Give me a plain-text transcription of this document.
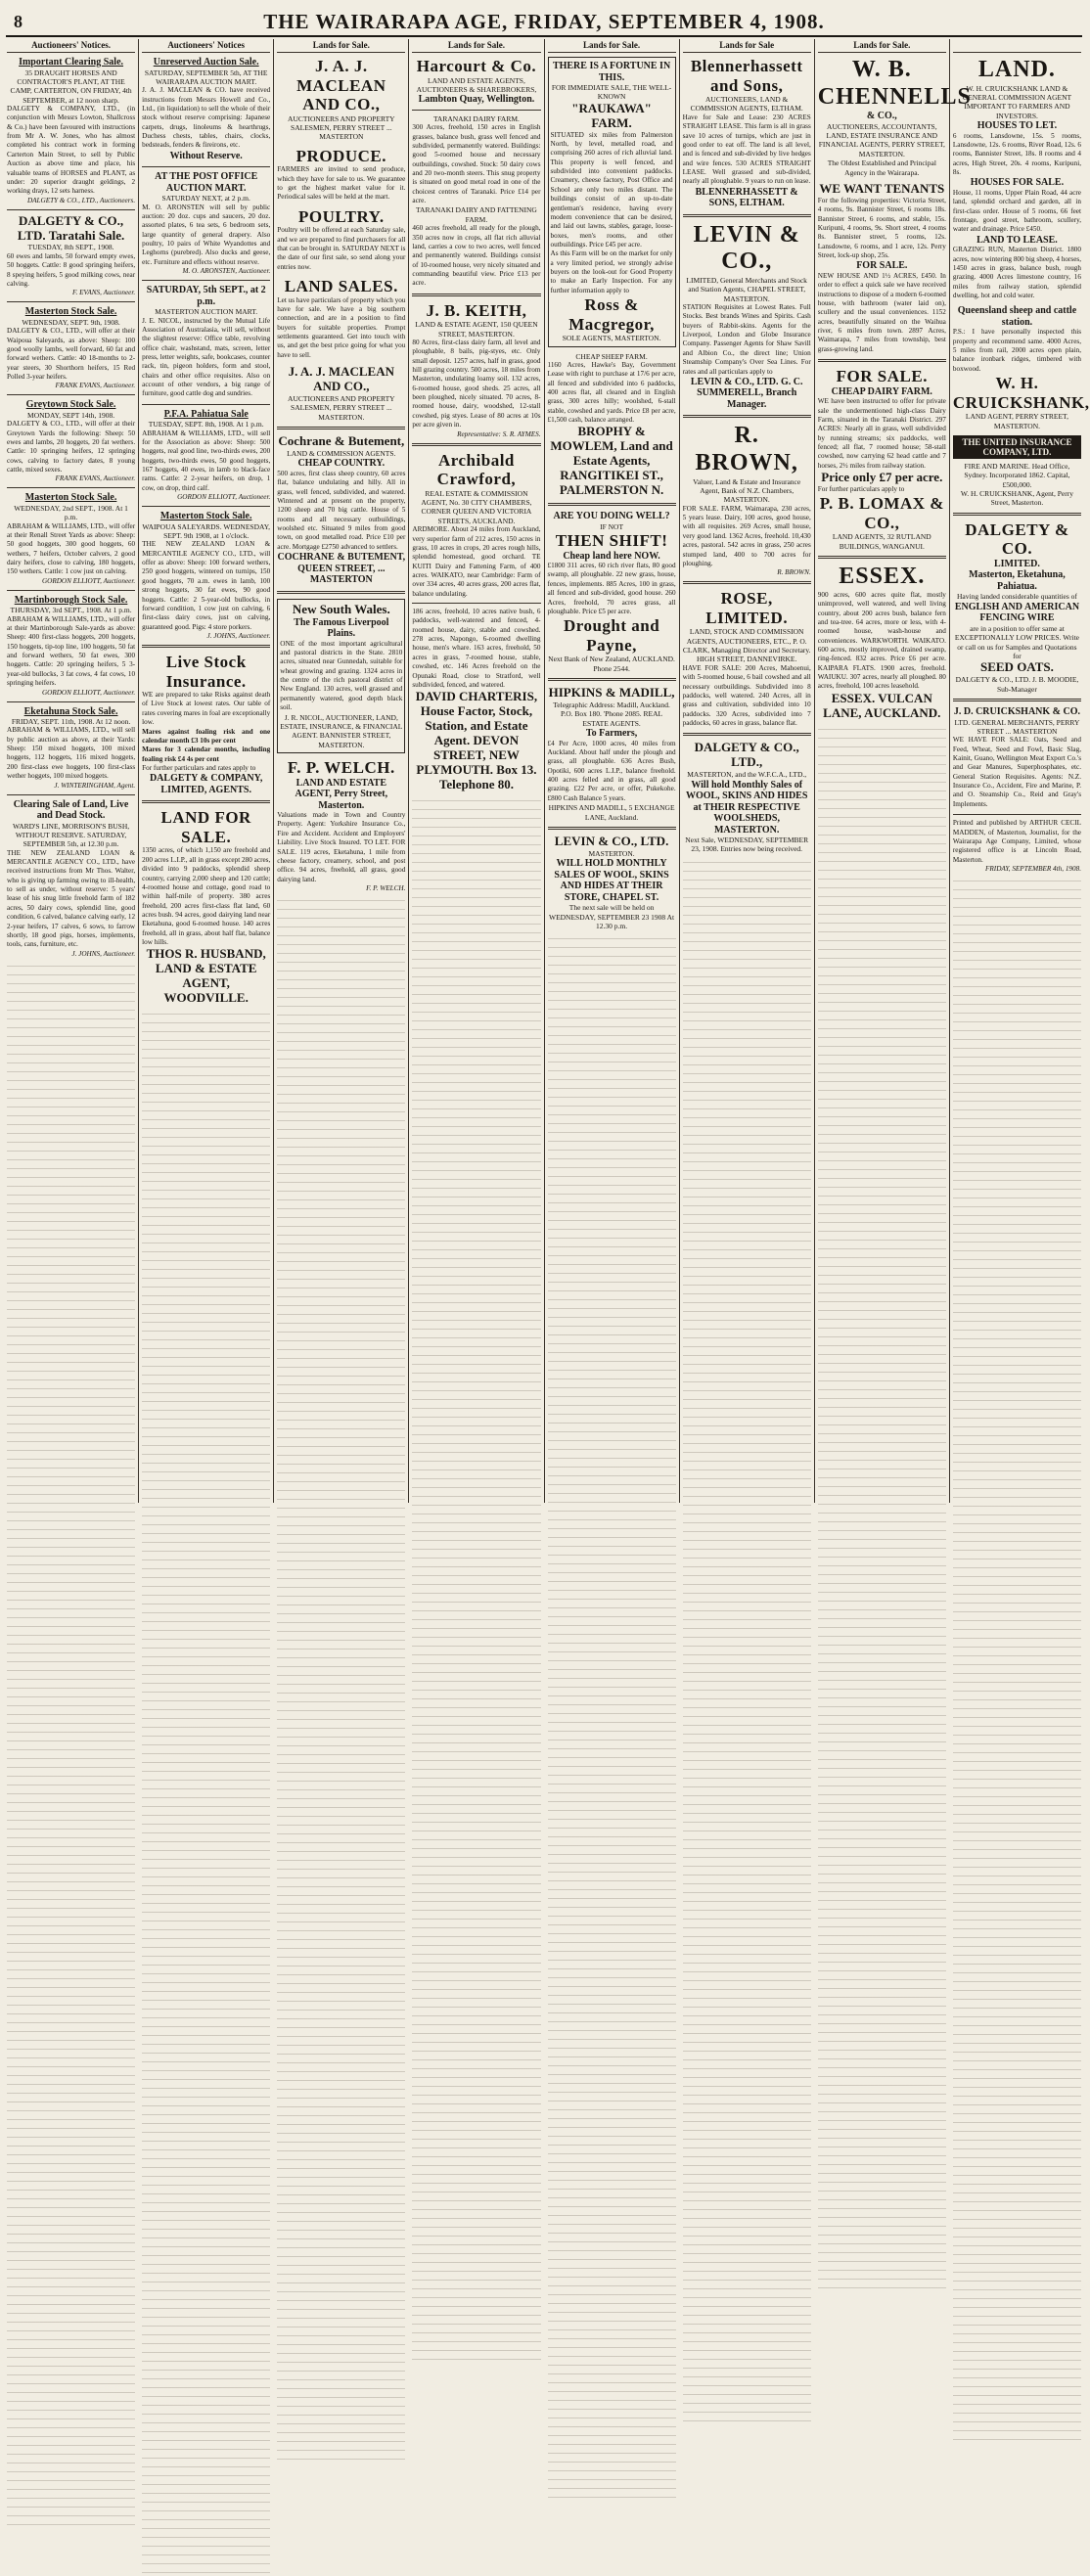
8	THE WAIRARAPA AGE, FRIDAY, SEPTEMBER 4, 1908.
Auctioneers' Notices.
Important Clearing Sale.
35 DRAUGHT HORSES AND CONTRACTOR'S PLANT, AT THE CAMP, CARTERTON, ON FRIDAY, 4th SEPTEMBER, at 12 noon sharp.
DALGETY & COMPANY, LTD., (in conjunction with Messrs Lowton, Shallcross & Co.) have been favoured with instructions from Mr A. W. Jones, who has almost completed his contract work in forming Carterton Main Street, to sell by Public Auction as above time and place, his valuable teams of HORSES and PLANT, as under: 20 superior draught geldings, 2 working drays, 12 sets harness.
DALGETY & CO., LTD., Auctioneers.
DALGETY & CO., LTD. Taratahi Sale.
TUESDAY, 8th SEPT., 1908.
60 ewes and lambs, 50 forward empty ewes, 50 hoggets. Cattle: 8 good springing heifers, 8 speying heifers, 5 good milking cows, near calving.
F. EVANS, Auctioneer.
Masterton Stock Sale.
WEDNESDAY, SEPT. 9th, 1908.
DALGETY & CO., LTD., will offer at their Waipoua Saleyards, as above: Sheep: 100 good woolly lambs, well forward, 60 fat and forward wethers. Cattle: 40 18-months to 2-year steers, 30 Shorthorn heifers, 15 Red Polled 3-year heifers.
FRANK EVANS, Auctioneer.
Greytown Stock Sale.
MONDAY, SEPT 14th, 1908.
DALGETY & CO., LTD., will offer at their Greytown Yards the following: Sheep: 50 ewes and lambs, 20 hoggets, 20 fat wethers. Cattle: 10 springing heifers, 12 springing cows, calving to factory dates, 8 young cattle, mixed sexes.
FRANK EVANS, Auctioneer.
Masterton Stock Sale.
WEDNESDAY, 2nd SEPT., 1908. At 1 p.m.
ABRAHAM & WILLIAMS, LTD., will offer at their Renall Street Yards as above: Sheep: 50 good hoggets, 300 good hoggets, 60 wethers, 7 heifers, October calvers, 2 good dairy heifers, close to calving, 180 hoggets, 150 wethers. Cattle: 1 cow just on calving.
GORDON ELLIOTT, Auctioneer.
Martinborough Stock Sale.
THURSDAY, 3rd SEPT., 1908. At 1 p.m.
ABRAHAM & WILLIAMS, LTD., will offer at their Martinborough Sale-yards as above: Sheep: 400 first-class hoggets, 200 hoggets, 150 hoggets, tip-top line, 100 hoggets, 50 fat and forward wethers, 50 fat ewes, 300 hoggets. Cattle: 20 springing heifers, 5 3-year-old bullocks, 3 fat cows, 4 fat cows, 10 springing heifers.
GORDON ELLIOTT, Auctioneer.
Eketahuna Stock Sale.
FRIDAY, SEPT. 11th, 1908. At 12 noon.
ABRAHAM & WILLIAMS, LTD., will sell by public auction as above, at their Yards: Sheep: 150 mixed hoggets, 100 mixed hoggets, 112 hoggets, 116 mixed hoggets, 200 first-class ewe hoggets, 100 first-class wether hoggets, 100 mixed hoggets.
J. WINTERINGHAM, Agent.
Clearing Sale of Land, Live and Dead Stock.
WARD'S LINE, MORRISON'S BUSH, WITHOUT RESERVE. SATURDAY, SEPTEMBER 5th, at 12.30 p.m.
THE NEW ZEALAND LOAN & MERCANTILE AGENCY CO., LTD., have received instructions from Mr Thos. Walter, who is giving up farming owing to ill-health, to sell as under, without reserve: 5 years' lease of his snug little freehold farm of 182 acres, 50 dairy cows, splendid line, good condition, 6 calved, balance calving early, 12 2-year heifers, 17 calves, 6 sows, to farrow shortly, 18 good pigs, horses, implements, tools, cans, furniture, etc.
J. JOHNS, Auctioneer.
Auctioneers' Notices
Unreserved Auction Sale.
SATURDAY, SEPTEMBER 5th, AT THE WAIRARAPA AUCTION MART.
J. A. J. MACLEAN & CO. have received instructions from Messrs Howell and Co., Ltd., (in liquidation) to sell the whole of their stock without reserve comprising: Japanese carpets, drugs, linoleums & hearthrugs, Duchess chests, tables, chairs, clocks, bedsteads, fenders & fireirons, etc.
Without Reserve.
AT THE POST OFFICE AUCTION MART.
SATURDAY NEXT, at 2 p.m.
M. O. ARONSTEN will sell by public auction: 20 doz. cups and saucers, 20 doz. assorted plates, 6 tea sets, 6 bedroom sets, large quantity of general drapery. Also poultry, 10 pairs of White Wyandottes and Leghorns (purebred). Also ducks and geese, etc. Furniture and effects without reserve.
M. O. ARONSTEN, Auctioneer.
SATURDAY, 5th SEPT., at 2 p.m.
MASTERTON AUCTION MART.
J. E. NICOL, instructed by the Mutual Life Association of Australasia, will sell, without the slightest reserve: Office table, revolving office chair, washstand, mats, screen, letter press, letter weights, safe, bookcases, counter rack, tin, pigeon holders, form and stool, chairs and other office requisites. Also on account of other vendors, a big range of furniture, good cattle dog and sundries.
P.F.A. Pahiatua Sale
TUESDAY, SEPT. 8th, 1908. At 1 p.m.
ABRAHAM & WILLIAMS, LTD., will sell for the Association as above: Sheep: 500 hoggets, real good line, two-thirds ewes, 200 hoggets, two-thirds ewes, 50 good hoggets, 167 hoggets, 40 ewes, in lamb to black-face rams. Cattle: 2 2-year heifers, on drop, 1 cow, on drop, third calf.
GORDON ELLIOTT, Auctioneer.
Masterton Stock Sale.
WAIPOUA SALEYARDS. WEDNESDAY, SEPT. 9th 1908, at 1 o'clock.
THE NEW ZEALAND LOAN & MERCANTILE AGENCY CO., LTD., will offer as above: Sheep: 100 forward wethers, 250 good hoggets, wintered on turnips, 150 good hoggets, 70 a.m. ewes in lamb, 100 strong hoggets, 30 fat ewes, 90 good hoggets. Cattle: 2 5-year-old bullocks, in forward condition, 1 cow just on calving, 6 first-class dairy cows, just on calving, guaranteed good. Pigs: 4 store porkers.
J. JOHNS, Auctioneer.
Live Stock Insurance.
WE are prepared to take Risks against death of Live Stock at lowest rates. Our table of rates covering mares in foal are exceptionally low.
Mares against foaling risk and one calendar month £3 10s per cent
Mares for 3 calendar months, including foaling risk £4 4s per cent
For further particulars and rates apply to
DALGETY & COMPANY, LIMITED, AGENTS.
LAND FOR SALE.
1350 acres, of which 1,150 are freehold and 200 acres L.I.P., all in grass except 280 acres, divided into 9 paddocks, splendid sheep country, carrying 2,000 sheep and 120 cattle; 4-roomed house and cottage, good road to within half-mile of property. 380 acres freehold, 200 acres first-class flat land, 60 acres bush. 94 acres, good dairying land near Eketahuna, good 6-roomed house. 140 acres freehold, all in grass, about half flat, balance low hills.
THOS R. HUSBAND, LAND & ESTATE AGENT, WOODVILLE.
Lands for Sale.
J. A. J. MACLEAN AND CO.,
AUCTIONEERS AND PROPERTY SALESMEN, PERRY STREET ... MASTERTON
PRODUCE.
FARMERS are invited to send produce, which they have for sale to us. We guarantee to get the highest market value for it. Periodical sales will be held at the mart.
POULTRY.
Poultry will be offered at each Saturday sale, and we are prepared to find purchasers for all that can be brought in. SATURDAY NEXT is the date of our first sale, so send along your entries now.
LAND SALES.
Let us have particulars of property which you have for sale. We have a big southern connection, and are in a position to find buyers for suitable properties. Prompt settlements guaranteed. Get into touch with us, and get the best price going for what you have to sell.
J. A. J. MACLEAN AND CO.,
AUCTIONEERS AND PROPERTY SALESMEN, PERRY STREET ... MASTERTON.
Cochrane & Butement,
LAND & COMMISSION AGENTS.
CHEAP COUNTRY.
500 acres, first class sheep country, 60 acres flat, balance undulating and hilly. All in grass, well fenced, subdivided, and watered. Wintered and at present on the property, 1200 sheep and 70 big cattle. House of 5 rooms and all necessary outbuildings, woolshed etc. Situated 9 miles from good town, on good metalled road. Price £10 per acre. Mortgage £2750 advanced to settlers.
COCHRANE & BUTEMENT, QUEEN STREET, ... MASTERTON
New South Wales.
The Famous Liverpool Plains.
ONE of the most important agricultural and pastoral districts in the State. 2810 acres, situated near Gunnedah, suitable for wheat growing and grazing. 1324 acres in the centre of the rich pastoral district of New England. 130 acres, well grassed and permanently watered, good depth black soil.
J. R. NICOL, AUCTIONEER, LAND, ESTATE, INSURANCE, & FINANCIAL AGENT. BANNISTER STREET, MASTERTON.
F. P. WELCH.
LAND AND ESTATE AGENT, Perry Street, Masterton.
Valuations made in Town and Country Property. Agent: Yorkshire Insurance Co., Fire and Accident. Accident and Employers' Liability. Live Stock Insured. TO LET. FOR SALE. 119 acres, Eketahuna, 1 mile from cheese factory, creamery, school, and post office. 94 acres, freehold, all grass, good dairying land.
F. P. WELCH.
Lands for Sale.
Harcourt & Co.
LAND AND ESTATE AGENTS, AUCTIONEERS & SHAREBROKERS,
Lambton Quay, Wellington.
TARANAKI DAIRY FARM.
300 Acres, freehold, 150 acres in English grasses, balance bush, grass well fenced and subdivided, permanently watered. Buildings: good 5-roomed house and necessary outbuildings, cowshed. Stock: 50 dairy cows and 20 two-month steers. This snug property is situated on good metal road in one of the choicest centres of Taranaki. Price £14 per acre.
TARANAKI DAIRY AND FATTENING FARM.
460 acres freehold, all ready for the plough, 350 acres now in crops, all flat rich alluvial land, carries a cow to two acres, well fenced and permanently watered. Buildings consist of 10-roomed house, very nicely situated and commanding beautiful view. Price £13 per acre.
J. B. KEITH,
LAND & ESTATE AGENT, 150 QUEEN STREET, MASTERTON.
80 Acres, first-class dairy farm, all level and ploughable, 8 bails, pig-styes, etc. Only small deposit. 1257 acres, half in grass, good hill grazing country. 500 acres, 18 miles from Masterton, undulating loamy soil. 132 acres, 6-roomed house, good sheds. 25 acres, all been ploughed, nicely situated. 70 acres, 8-roomed house, dairy, woodshed, 12-stall cowshed, pig styes. Lease of 80 acres at 10s per acre given in.
Representative: S. R. AYMES.
Archibald Crawford,
REAL ESTATE & COMMISSION AGENT, No. 30 CITY CHAMBERS, CORNER QUEEN AND VICTORIA STREETS, AUCKLAND.
ARDMORE. About 24 miles from Auckland, very superior farm of 212 acres, 150 acres in grass, 10 acres in crops, 20 acres rough hills, splendid homestead, good orchard. TE KUITI Dairy and Fattening Farm, of 400 acres. WAIKATO, near Cambridge: Farm of over 334 acres, 40 acres grass, 200 acres flat, balance undulating.
186 acres, freehold, 10 acres native bush, 6 paddocks, well-watered and fenced, 4-roomed house, dairy, stable and cowshed. 278 acres, Napongo, 6-roomed dwelling house, men's whare. 163 acres, freehold, 50 acres in grass, 7-roomed house, stable, cowshed, etc. 146 Acres freehold on the Opunaki Road, close to Stratford, well subdivided, fenced, and watered.
DAVID CHARTERIS, House Factor, Stock, Station, and Estate Agent. DEVON STREET, NEW PLYMOUTH. Box 13. Telephone 80.
Lands for Sale.
THERE IS A FORTUNE IN THIS.
FOR IMMEDIATE SALE, THE WELL-KNOWN
"RAUKAWA" FARM.
SITUATED six miles from Palmerston North, by level, metalled road, and comprising 260 acres of rich alluvial land. This property is well fenced, and subdivided into convenient paddocks. Creamery, cheese factory, Post Office and School are only two miles distant. The buildings consist of an up-to-date gentleman's residence, having every modern convenience that can be desired, and laid out lawns, stables, garage, loose-boxes, men's rooms, and other outbuildings. Price £45 per acre.
As this Farm will be on the market for only a very limited period, we strongly advise buyers on the look-out for Good Property to make an Early Inspection. For any further information apply to
Ross & Macgregor,
SOLE AGENTS, MASTERTON.
CHEAP SHEEP FARM.
1160 Acres, Hawke's Bay, Government Lease with right to purchase at 17/6 per acre, all fenced and subdivided into 6 paddocks, 400 acres flat, all cleared and in English grass, 300 acres hilly; woolshed, 6-stall stable, cowshed and yards. Price £8 per acre, £1,500 cash, balance arranged.
BROPHY & MOWLEM, Land and Estate Agents, RANGITIKEI ST., PALMERSTON N.
ARE YOU DOING WELL?
IF NOT
THEN SHIFT!
Cheap land here NOW.
£1800 311 acres, 60 rich river flats, 80 good swamp, all ploughable. 22 new grass, house, fences, implements. 885 Acres, 100 in grass, all fenced and sub-divided, good house. 260 Acres, freehold, 70 acres grass, all ploughable. Price £5 per acre.
Drought and Payne,
Next Bank of New Zealand, AUCKLAND. Phone 2544.
HIPKINS & MADILL,
Telegraphic Address: Madill, Auckland. P.O. Box 180. 'Phone 2085. REAL ESTATE AGENTS.
To Farmers,
£4 Per Acre, 1000 acres, 40 miles from Auckland. About half under the plough and grass, all ploughable. 636 Acres Bush, Opotiki, 600 acres L.I.P., balance freehold. 400 acres felled and in grass, all good grazing. £22 Per acre, or offer, Pukekohe. £800 Cash Balance 5 years.
HIPKINS AND MADILL, 5 EXCHANGE LANE, Auckland.
LEVIN & CO., LTD.
MASTERTON.
WILL HOLD MONTHLY SALES OF WOOL, SKINS AND HIDES AT THEIR STORE, CHAPEL ST.
The next sale will be held on WEDNESDAY, SEPTEMBER 23 1908 At 12.30 p.m.
Lands for Sale
Blennerhassett and Sons,
AUCTIONEERS, LAND & COMMISSION AGENTS, ELTHAM.
Have for Sale and Lease: 230 ACRES STRAIGHT LEASE. This farm is all in grass save 10 acres of turnips, which are just in good order to eat off. The land is all level, and is fenced and sub-divided by live hedges and wire fences. 530 ACRES STRAIGHT LEASE. Well grassed and sub-divided, nearly all ploughable. 9 years to run on lease.
BLENNERHASSETT & SONS, ELTHAM.
LEVIN & CO.,
LIMITED, General Merchants and Stock and Station Agents, CHAPEL STREET, MASTERTON.
STATION Requisites at Lowest Rates. Full Stocks. Best brands Wines and Spirits. Cash buyers of Rabbit-skins. Agents for the Liverpool, London and Globe Insurance Company. Passenger Agents for Shaw Savill and Albion Co., the direct line; Union Steamship Company's Over Sea Lines. For rates and all particulars apply to
LEVIN & CO., LTD. G. C. SUMMERELL, Branch Manager.
R. BROWN,
Valuer, Land & Estate and Insurance Agent, Bank of N.Z. Chambers, MASTERTON.
FOR SALE. FARM, Waimarapa, 230 acres, 5 years lease. Dairy, 100 acres, good house, with all requisites. 269 Acres, small house, very good land. 1362 Acres, freehold. 10,430 acres, pastoral. 542 acres in grass, 250 acres stumped land, 400 to 700 acres for ploughing.
R. BROWN.
ROSE, LIMITED.
LAND, STOCK AND COMMISSION AGENTS, AUCTIONEERS, ETC., P. O. CLARK, Managing Director and Secretary. HIGH STREET, DANNEVIRKE.
HAVE FOR SALE: 200 Acres, Mahoenui, with 5-roomed house, 6 bail cowshed and all necessary outbuildings. Subdivided into 8 paddocks, well watered. 240 Acres, all in grass and cultivation, subdivided into 10 paddocks. 320 Acres, subdivided into 7 paddocks, 60 acres in grass, balance flat.
DALGETY & CO., LTD.,
MASTERTON, and the W.F.C.A., LTD.,
Will hold Monthly Sales of WOOL, SKINS AND HIDES at THEIR RESPECTIVE WOOLSHEDS, MASTERTON.
Next Sale, WEDNESDAY, SEPTEMBER 23, 1908. Entries now being received.
Lands for Sale.
W. B. CHENNELLS
& CO.,
AUCTIONEERS, ACCOUNTANTS, LAND, ESTATE INSURANCE AND FINANCIAL AGENTS, PERRY STREET, MASTERTON.
The Oldest Established and Principal Agency in the Wairarapa.
WE WANT TENANTS
For the following properties: Victoria Street, 4 rooms, 9s. Bannister Street, 6 rooms 18s. Bannister Street, 6 rooms, and stable, 15s. Kuripuni, 4 rooms, 9s. Short street, 4 rooms 8s. Bannister street, 5 rooms, 12s. Lansdowne, 6 rooms, and 1 acre, 12s. Perry Street, lock-up shop, 25s.
FOR SALE.
NEW HOUSE AND 1½ ACRES, £450. In order to effect a quick sale we have received instructions to dispose of a modern 6-roomed house, with bathroom (water laid on), scullery and the usual conveniences. 1152 acres, beautifully situated on the Waihua river, 6 miles from town. 2897 Acres, Waimarapa, 7 miles from township, best grass-growing land.
FOR SALE.
CHEAP DAIRY FARM.
WE have been instructed to offer for private sale the undermentioned high-class Dairy Farm, situated in the Taranaki District. 297 ACRES: Nearly all in grass, well subdivided by running streams; six paddocks, well fenced; all flat, 7 roomed house; 58-stall cowshed, now carrying 62 head cattle and 7 horses, 2½ miles from railway station.
Price only £7 per acre.
For further particulars apply to
P. B. LOMAX & CO.,
LAND AGENTS, 32 RUTLAND BUILDINGS, WANGANUI.
ESSEX.
900 acres, 600 acres quite flat, mostly unimproved, well watered, and well living country, about 200 acres bush, balance fern and tea-tree. 64 acres, more or less, with 4-roomed house, wash-house and conveniences. WARKWORTH. WAIKATO. 600 acres, mostly improved, drained swamp, ring-fenced. 832 acres. Price £6 per acre. KAIPARA FLATS. 1900 acres, freehold. WAIUKU. 307 acres, nearly all ploughed. 80 acres, freehold, 100 acres leasehold.
ESSEX. VULCAN LANE, AUCKLAND.

LAND.
W. H. CRUICKSHANK LAND & GENERAL COMMISSION AGENT
IMPORTANT TO FARMERS AND INVESTORS.
HOUSES TO LET.
6 rooms, Lansdowne, 15s. 5 rooms, Lansdowne, 12s. 6 rooms, River Road, 12s. 6 rooms, Bannister Street, 18s. 8 rooms and 4 acres, High Street, 20s. 4 rooms, Kuripuni, 8s.
HOUSES FOR SALE.
House, 11 rooms, Upper Plain Road, 44 acre land, splendid orchard and garden, all in first-class order. House of 5 rooms, 66 feet frontage, good street, bathroom, scullery, water and drainage. Price £450.
LAND TO LEASE.
GRAZING RUN, Masterton District. 1800 acres, now wintering 800 big sheep, 4 horses, 1450 acres in grass, balance bush, rough grazing. 4000 Acres limestone country, 16 miles from railway station, splendid dwelling, hot and cold water.
Queensland sheep and cattle station.
P.S.: I have personally inspected this property and recommend same. 4000 Acres, 5 miles from rail, 2000 acres open plain, balance ironbark ridges, timbered with boxwood.
W. H. CRUICKSHANK,
LAND AGENT, PERRY STREET, MASTERTON.
THE UNITED INSURANCE COMPANY, LTD.
FIRE AND MARINE. Head Office, Sydney. Incorporated 1862. Capital, £500,000.
W. H. CRUICKSHANK, Agent, Perry Street, Masterton.
DALGETY & CO.
LIMITED.
Masterton, Eketahuna, Pahiatua.
Having landed considerable quantities of
ENGLISH AND AMERICAN FENCING WIRE
are in a position to offer same at EXCEPTIONALLY LOW PRICES. Write or call on us for Samples and Quotations for
SEED OATS.
DALGETY & CO., LTD. J. B. MOODIE, Sub-Manager
J. D. CRUICKSHANK & CO.
LTD. GENERAL MERCHANTS, PERRY STREET ... MASTERTON
WE HAVE FOR SALE: Oats, Seed and Feed, Wheat, Seed and Fowl, Basic Slag, Kainit, Guano, Wellington Meat Export Co.'s and Gear Manures, Superphosphates, etc. General Station Requisites. Agents: N.Z. Insurance Co., Accident, Fire and Marine, P. and O. Steamship Co., Reid and Gray's Implements.
Printed and published by ARTHUR CECIL MADDEN, of Masterton, Journalist, for the Wairarapa Age Company, Limited, whose registered office is at Lincoln Road, Masterton.
FRIDAY, SEPTEMBER 4th, 1908.
